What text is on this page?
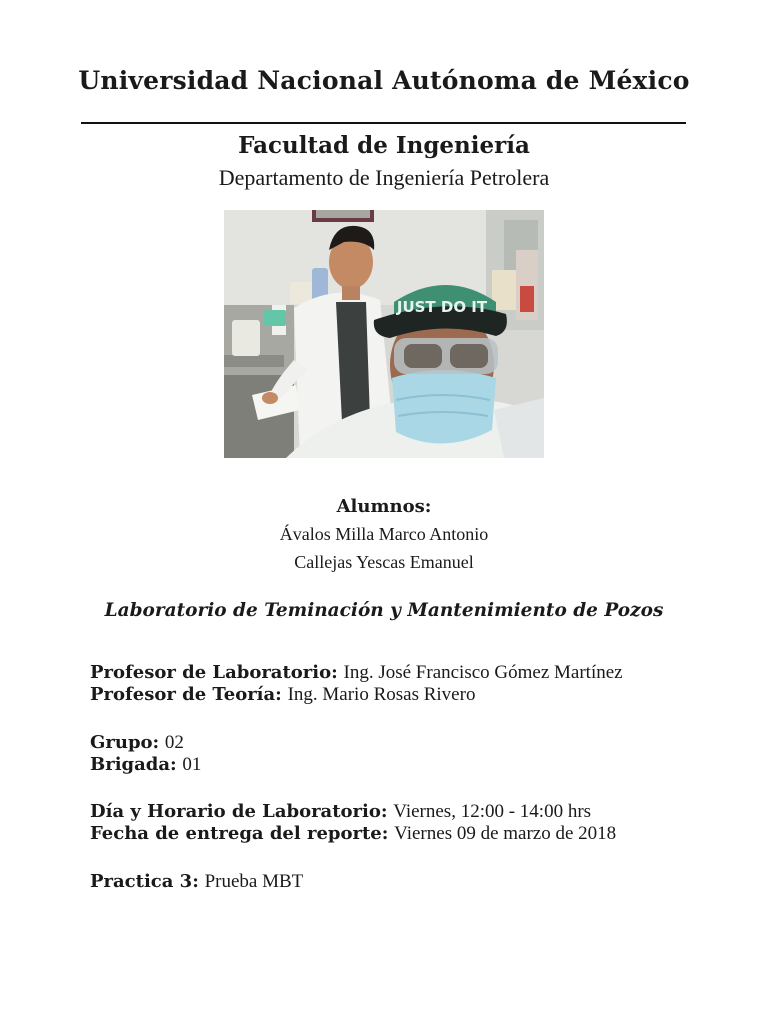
Universidad Nacional Autónoma de México
Facultad de Ingeniería
Departamento de Ingeniería Petrolera
JUST DO IT
Alumnos:
Ávalos Milla Marco Antonio
Callejas Yescas Emanuel
Laboratorio de Teminación y Mantenimiento de Pozos
Profesor de Laboratorio: Ing. José Francisco Gómez Martínez
Profesor de Teoría: Ing. Mario Rosas Rivero
Grupo: 02
Brigada: 01
Día y Horario de Laboratorio: Viernes, 12:00 - 14:00 hrs
Fecha de entrega del reporte: Viernes 09 de marzo de 2018
Practica 3: Prueba MBT
